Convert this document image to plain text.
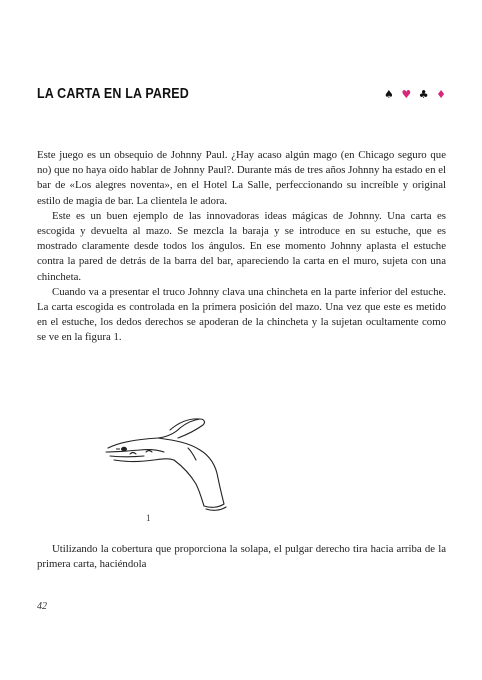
LA CARTA EN LA PARED	♠ ♥ ♣ ♦

Este juego es un obsequio de Johnny Paul. ¿Hay acaso algún mago (en Chicago seguro que no) que no haya oído hablar de Johnny Paul?. Durante más de tres años Johnny ha estado en el bar de «Los alegres noventa», en el Hotel La Salle, perfeccionando su increíble y original estilo de magia de bar. La clientela le adora.

Este es un buen ejemplo de las innovadoras ideas mágicas de Johnny. Una carta es escogida y devuelta al mazo. Se mezcla la baraja y se introduce en su estuche, que es mostrado claramente desde todos los ángulos. En ese momento Johnny aplasta el estuche contra la pared de detrás de la barra del bar, apareciendo la carta en el muro, sujeta con una chincheta.

Cuando va a presentar el truco Johnny clava una chincheta en la parte inferior del estuche. La carta escogida es controlada en la primera posición del mazo. Una vez que este es metido en el estuche, los dedos derechos se apoderan de la chincheta y la sujetan ocultamente como se ve en la figura 1.

1

Utilizando la cobertura que proporciona la solapa, el pulgar derecho tira hacia arriba de la primera carta, haciéndola

42
